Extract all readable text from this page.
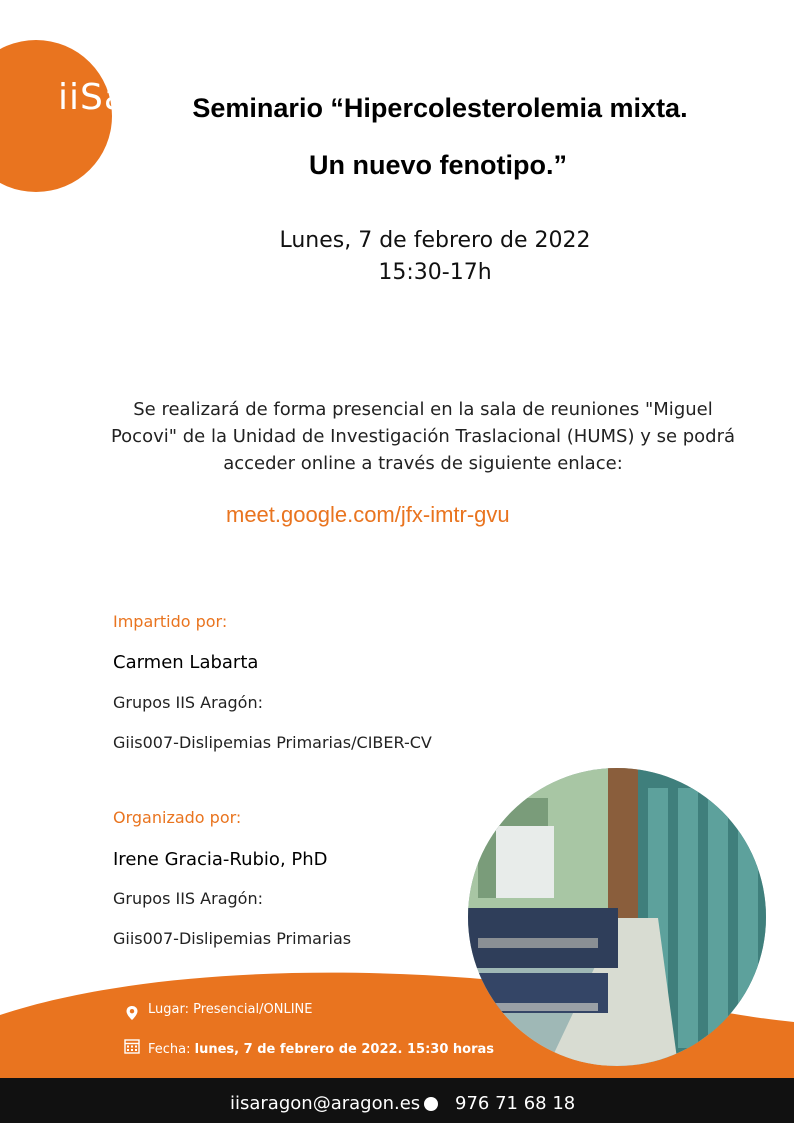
iiSa	Seminario “Hipercolesterolemia mixta.
Un nuevo fenotipo.”
Lunes, 7 de febrero de 2022
15:30-17h
Se realizará de forma presencial en la sala de reuniones "Miguel Pocovi" de la Unidad de Investigación Traslacional (HUMS) y se podrá acceder online a través de siguiente enlace:
meet.google.com/jfx-imtr-gvu
Impartido por:
Carmen Labarta
Grupos IIS Aragón:
Giis007-Dislipemias Primarias/CIBER-CV
Organizado por:
Irene Gracia-Rubio, PhD
Grupos IIS Aragón:
Giis007-Dislipemias Primarias
Lugar: Presencial/ONLINE
Fecha: lunes, 7 de febrero de 2022. 15:30 horas
iisaragon@aragon.es 976 71 68 18
